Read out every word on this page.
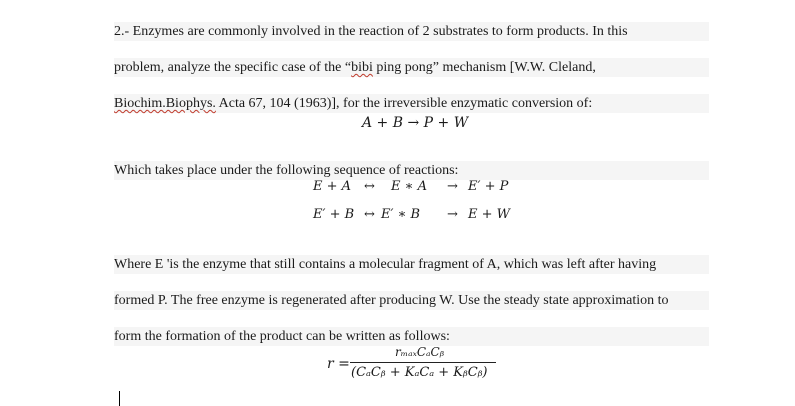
2.- Enzymes are commonly involved in the reaction of 2 substrates to form products. In this
problem, analyze the specific case of the “bibi ping pong” mechanism [W.W. Cleland,
Biochim.Biophys. Acta 67, 104 (1963)], for the irreversible enzymatic conversion of:
A + B → P + W
Which takes place under the following sequence of reactions:
E + A ↔ E ∗ A → E′ + P
E′ + B ↔ E′ ∗ B → E + W
Where E 'is the enzyme that still contains a molecular fragment of A, which was left after having
formed P. The free enzyme is regenerated after producing W. Use the steady state approximation to
form the formation of the product can be written as follows:
r =
rₘₐₓCₐCᵦ
(CₐCᵦ + KₐCₐ + KᵦCᵦ)
